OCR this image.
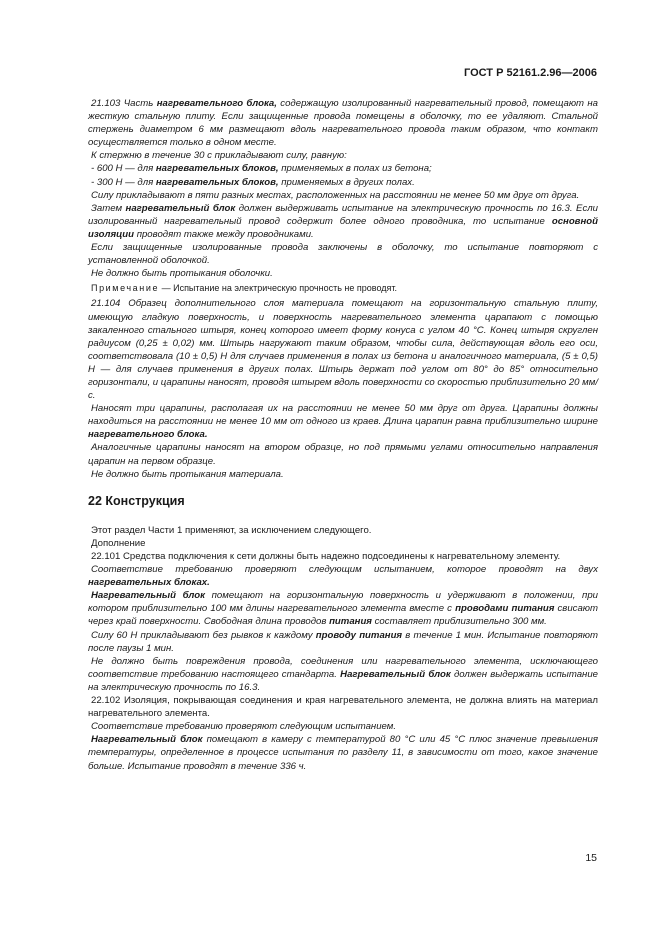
ГОСТ Р 52161.2.96—2006

21.103 Часть нагревательного блока, содержащую изолированный нагревательный провод, помещают на жесткую стальную плиту. Если защищенные провода помещены в оболочку, то ее удаляют. Стальной стержень диаметром 6 мм размещают вдоль нагревательного провода таким образом, что контакт осуществляется только в одном месте.

К стержню в течение 30 с прикладывают силу, равную:

- 600 Н — для нагревательных блоков, применяемых в полах из бетона;

- 300 Н — для нагревательных блоков, применяемых в других полах.

Силу прикладывают в пяти разных местах, расположенных на расстоянии не менее 50 мм друг от друга.

Затем нагревательный блок должен выдерживать испытание на электрическую прочность по 16.3. Если изолированный нагревательный провод содержит более одного проводника, то испытание основной изоляции проводят также между проводниками.

Если защищенные изолированные провода заключены в оболочку, то испытание повторяют с установленной оболочкой.

Не должно быть протыкания оболочки.

Примечание — Испытание на электрическую прочность не проводят.

21.104 Образец дополнительного слоя материала помещают на горизонтальную стальную плиту, имеющую гладкую поверхность, и поверхность нагревательного элемента царапают с помощью закаленного стального штыря, конец которого имеет форму конуса с углом 40 °С. Конец штыря скруглен радиусом (0,25 ± 0,02) мм. Штырь нагружают таким образом, чтобы сила, действующая вдоль его оси, соответствовала (10 ± 0,5) Н для случаев применения в полах из бетона и аналогичного материала, (5 ± 0,5) Н — для случаев применения в других полах. Штырь держат под углом от 80° до 85° относительно горизонтали, и царапины наносят, проводя штырем вдоль поверхности со скоростью приблизительно 20 мм/с.

Наносят три царапины, располагая их на расстоянии не менее 50 мм друг от друга. Царапины должны находиться на расстоянии не менее 10 мм от одного из краев. Длина царапин равна приблизительно ширине нагревательного блока.

Аналогичные царапины наносят на втором образце, но под прямыми углами относительно направления царапин на первом образце.

Не должно быть протыкания материала.

22 Конструкция

Этот раздел Части 1 применяют, за исключением следующего.

Дополнение

22.101 Средства подключения к сети должны быть надежно подсоединены к нагревательному элементу.

Соответствие требованию проверяют следующим испытанием, которое проводят на двух нагревательных блоках.

Нагревательный блок помещают на горизонтальную поверхность и удерживают в положении, при котором приблизительно 100 мм длины нагревательного элемента вместе с проводами питания свисают через край поверхности. Свободная длина проводов питания составляет приблизительно 300 мм.

Силу 60 Н прикладывают без рывков к каждому проводу питания в течение 1 мин. Испытание повторяют после паузы 1 мин.

Не должно быть повреждения провода, соединения или нагревательного элемента, исключающего соответствие требованию настоящего стандарта. Нагревательный блок должен выдержать испытание на электрическую прочность по 16.3.

22.102 Изоляция, покрывающая соединения и края нагревательного элемента, не должна влиять на материал нагревательного элемента.

Соответствие требованию проверяют следующим испытанием.

Нагревательный блок помещают в камеру с температурой 80 °С или 45 °С плюс значение превышения температуры, определенное в процессе испытания по разделу 11, в зависимости от того, какое значение больше. Испытание проводят в течение 336 ч.

15
